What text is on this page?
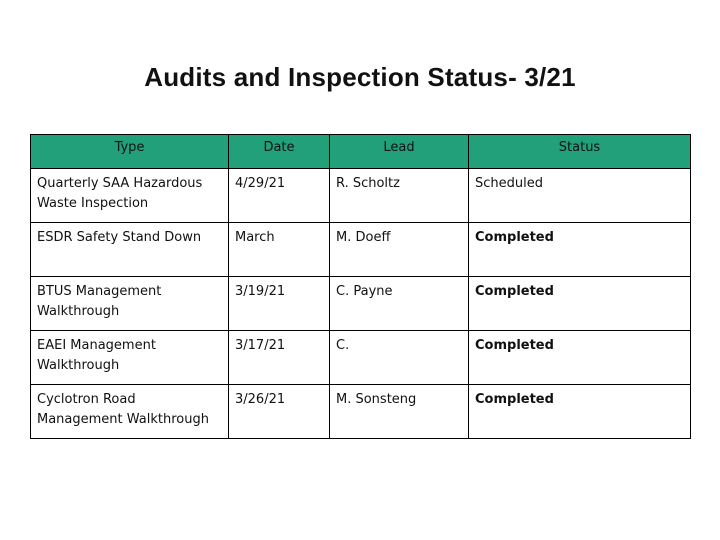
Audits and Inspection Status- 3/21
Type	Date	Lead	Status
Quarterly SAA Hazardous Waste Inspection	4/29/21	R. Scholtz	Scheduled
ESDR Safety Stand Down	March	M. Doeff	Completed
BTUS Management Walkthrough	3/19/21	C. Payne	Completed
EAEI Management Walkthrough	3/17/21	C.	Completed
Cyclotron Road Management Walkthrough	3/26/21	M. Sonsteng	Completed
